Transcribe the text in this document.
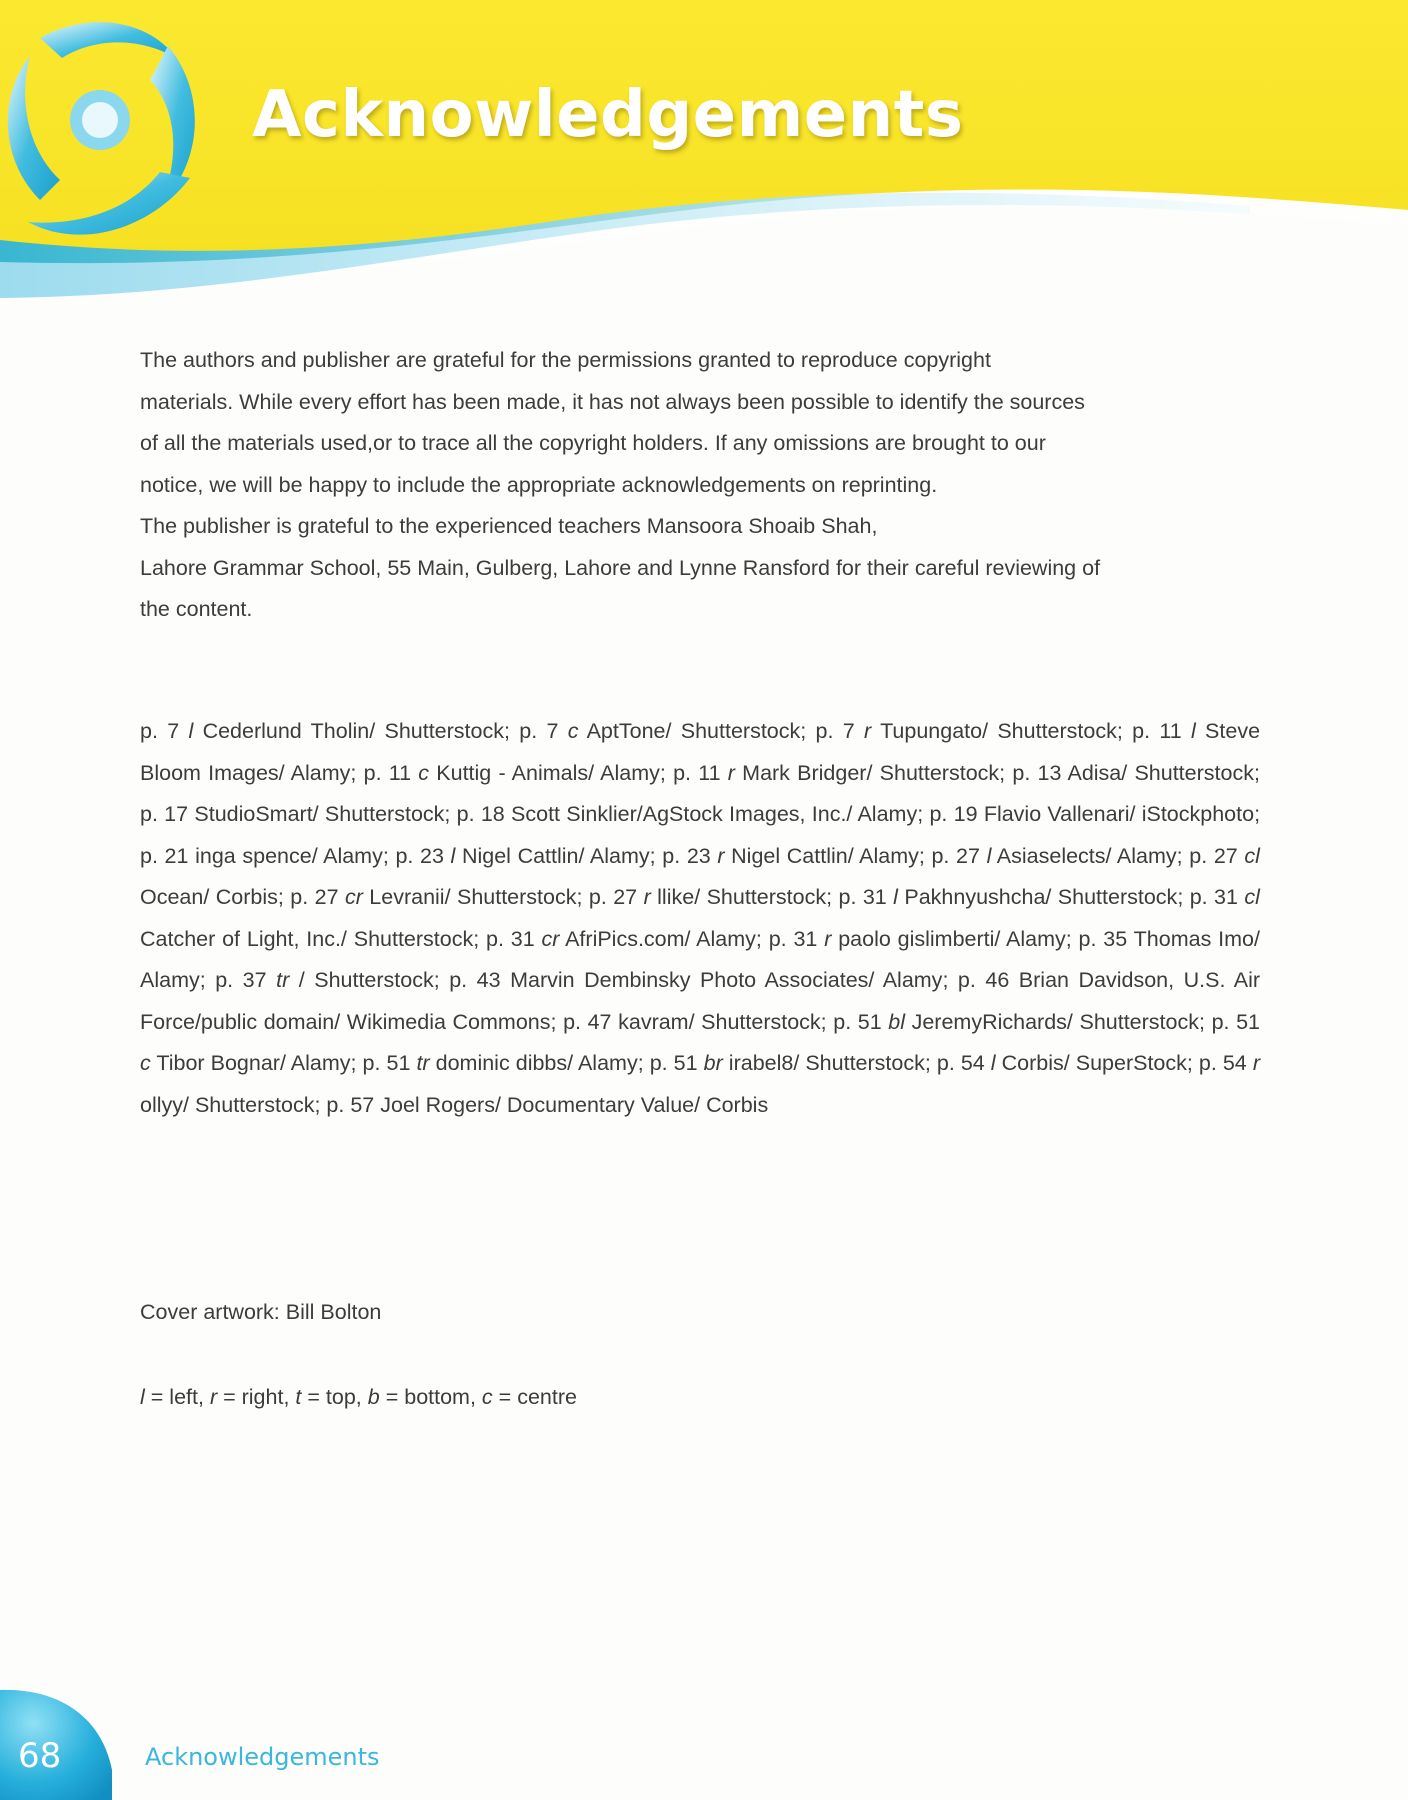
Acknowledgements

The authors and publisher are grateful for the permissions granted to reproduce copyright

materials. While every effort has been made, it has not always been possible to identify the sources

of all the materials used,or to trace all the copyright holders. If any omissions are brought to our

notice, we will be happy to include the appropriate acknowledgements on reprinting.

The publisher is grateful to the experienced teachers Mansoora Shoaib Shah,

Lahore Grammar School, 55 Main, Gulberg, Lahore and Lynne Ransford for their careful reviewing of

the content.

p. 7 l Cederlund Tholin/ Shutterstock; p. 7 c AptTone/ Shutterstock; p. 7 r Tupungato/ Shutterstock; p. 11 l Steve Bloom Images/ Alamy; p. 11 c Kuttig - Animals/ Alamy; p. 11 r Mark Bridger/ Shutterstock; p. 13 Adisa/ Shutterstock; p. 17 StudioSmart/ Shutterstock; p. 18 Scott Sinklier/AgStock Images, Inc./ Alamy; p. 19 Flavio Vallenari/ iStockphoto; p. 21 inga spence/ Alamy; p. 23 l Nigel Cattlin/ Alamy; p. 23 r Nigel Cattlin/ Alamy; p. 27 l Asiaselects/ Alamy; p. 27 cl Ocean/ Corbis; p. 27 cr Levranii/ Shutterstock; p. 27 r llike/ Shutterstock; p. 31 l Pakhnyushcha/ Shutterstock; p. 31 cl Catcher of Light, Inc./ Shutterstock; p. 31 cr AfriPics.com/ Alamy; p. 31 r paolo gislimberti/ Alamy; p. 35 Thomas Imo/ Alamy; p. 37 tr / Shutterstock; p. 43 Marvin Dembinsky Photo Associates/ Alamy; p. 46 Brian Davidson, U.S. Air Force/public domain/ Wikimedia Commons; p. 47 kavram/ Shutterstock; p. 51 bl JeremyRichards/ Shutterstock; p. 51 c Tibor Bognar/ Alamy; p. 51 tr dominic dibbs/ Alamy; p. 51 br irabel8/ Shutterstock; p. 54 l Corbis/ SuperStock; p. 54 r ollyy/ Shutterstock; p. 57 Joel Rogers/ Documentary Value/ Corbis
Cover artwork: Bill Bolton
l = left, r = right, t = top, b = bottom, c = centre
68	Acknowledgements
